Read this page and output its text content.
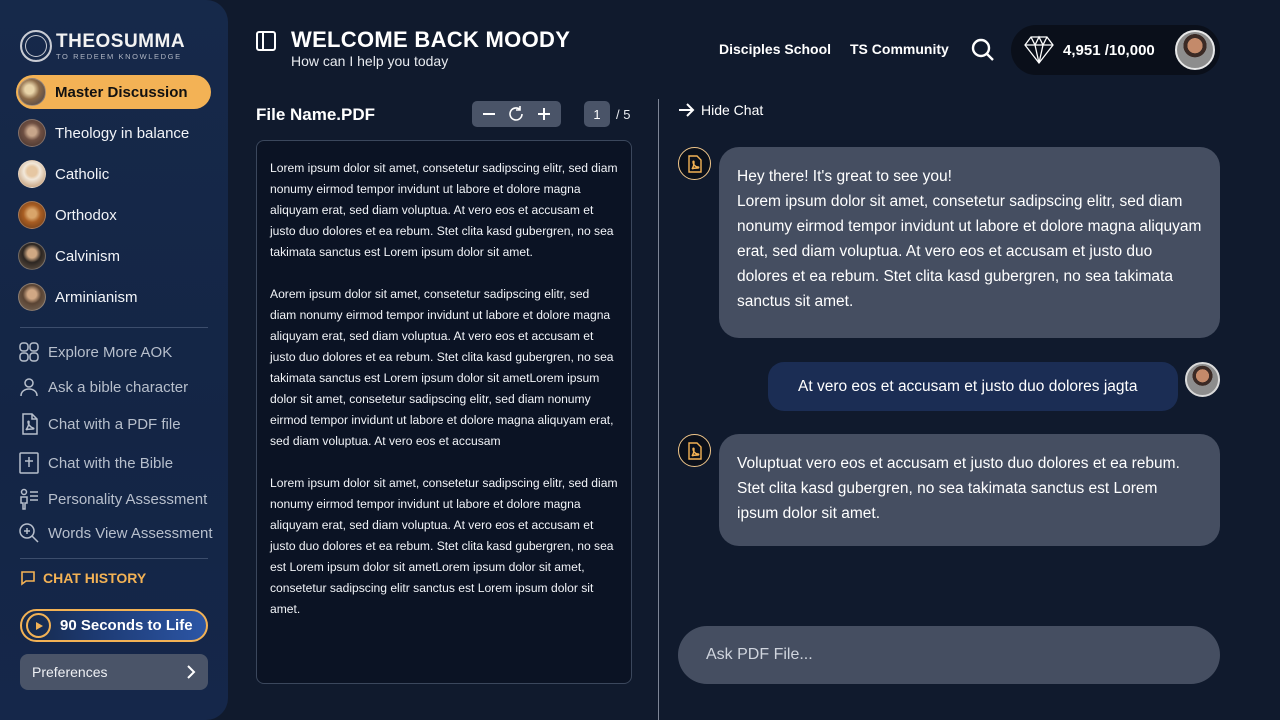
THEOSUMMA
TO REDEEM KNOWLEDGE
Master Discussion
Theology in balance
Catholic
Orthodox
Calvinism
Arminianism
Explore More AOK
Ask a bible character
Chat with a PDF file
Chat with the Bible
Personality Assessment
Words View Assessment
CHAT HISTORY
90 Seconds to Life
Preferences
WELCOME BACK MOODY
How can I help you today
Disciples School TS Community	4,951 /10,000
File Name.PDF	1	/ 5

Lorem ipsum dolor sit amet, consetetur sadipscing elitr, sed diam nonumy eirmod tempor invidunt ut labore et dolore magna aliquyam erat, sed diam voluptua. At vero eos et accusam et justo duo dolores et ea rebum. Stet clita kasd gubergren, no sea takimata sanctus est Lorem ipsum dolor sit amet.

Aorem ipsum dolor sit amet, consetetur sadipscing elitr, sed diam nonumy eirmod tempor invidunt ut labore et dolore magna aliquyam erat, sed diam voluptua. At vero eos et accusam et justo duo dolores et ea rebum. Stet clita kasd gubergren, no sea takimata sanctus est Lorem ipsum dolor sit ametLorem ipsum dolor sit amet, consetetur sadipscing elitr, sed diam nonumy eirmod tempor invidunt ut labore et dolore magna aliquyam erat, sed diam voluptua. At vero eos et accusam

Lorem ipsum dolor sit amet, consetetur sadipscing elitr, sed diam nonumy eirmod tempor invidunt ut labore et dolore magna aliquyam erat, sed diam voluptua. At vero eos et accusam et justo duo dolores et ea rebum. Stet clita kasd gubergren, no sea est Lorem ipsum dolor sit ametLorem ipsum dolor sit amet, consetetur sadipscing elitr sanctus est Lorem ipsum dolor sit amet.

Hide Chat
Hey there! It's great to see you!
Lorem ipsum dolor sit amet, consetetur sadipscing elitr, sed diam nonumy eirmod tempor invidunt ut labore et dolore magna aliquyam erat, sed diam voluptua. At vero eos et accusam et justo duo dolores et ea rebum. Stet clita kasd gubergren, no sea takimata sanctus sit amet.
At vero eos et accusam et justo duo dolores jagta
Voluptuat vero eos et accusam et justo duo dolores et ea rebum. Stet clita kasd gubergren, no sea takimata sanctus est Lorem ipsum dolor sit amet.
Ask PDF File...
